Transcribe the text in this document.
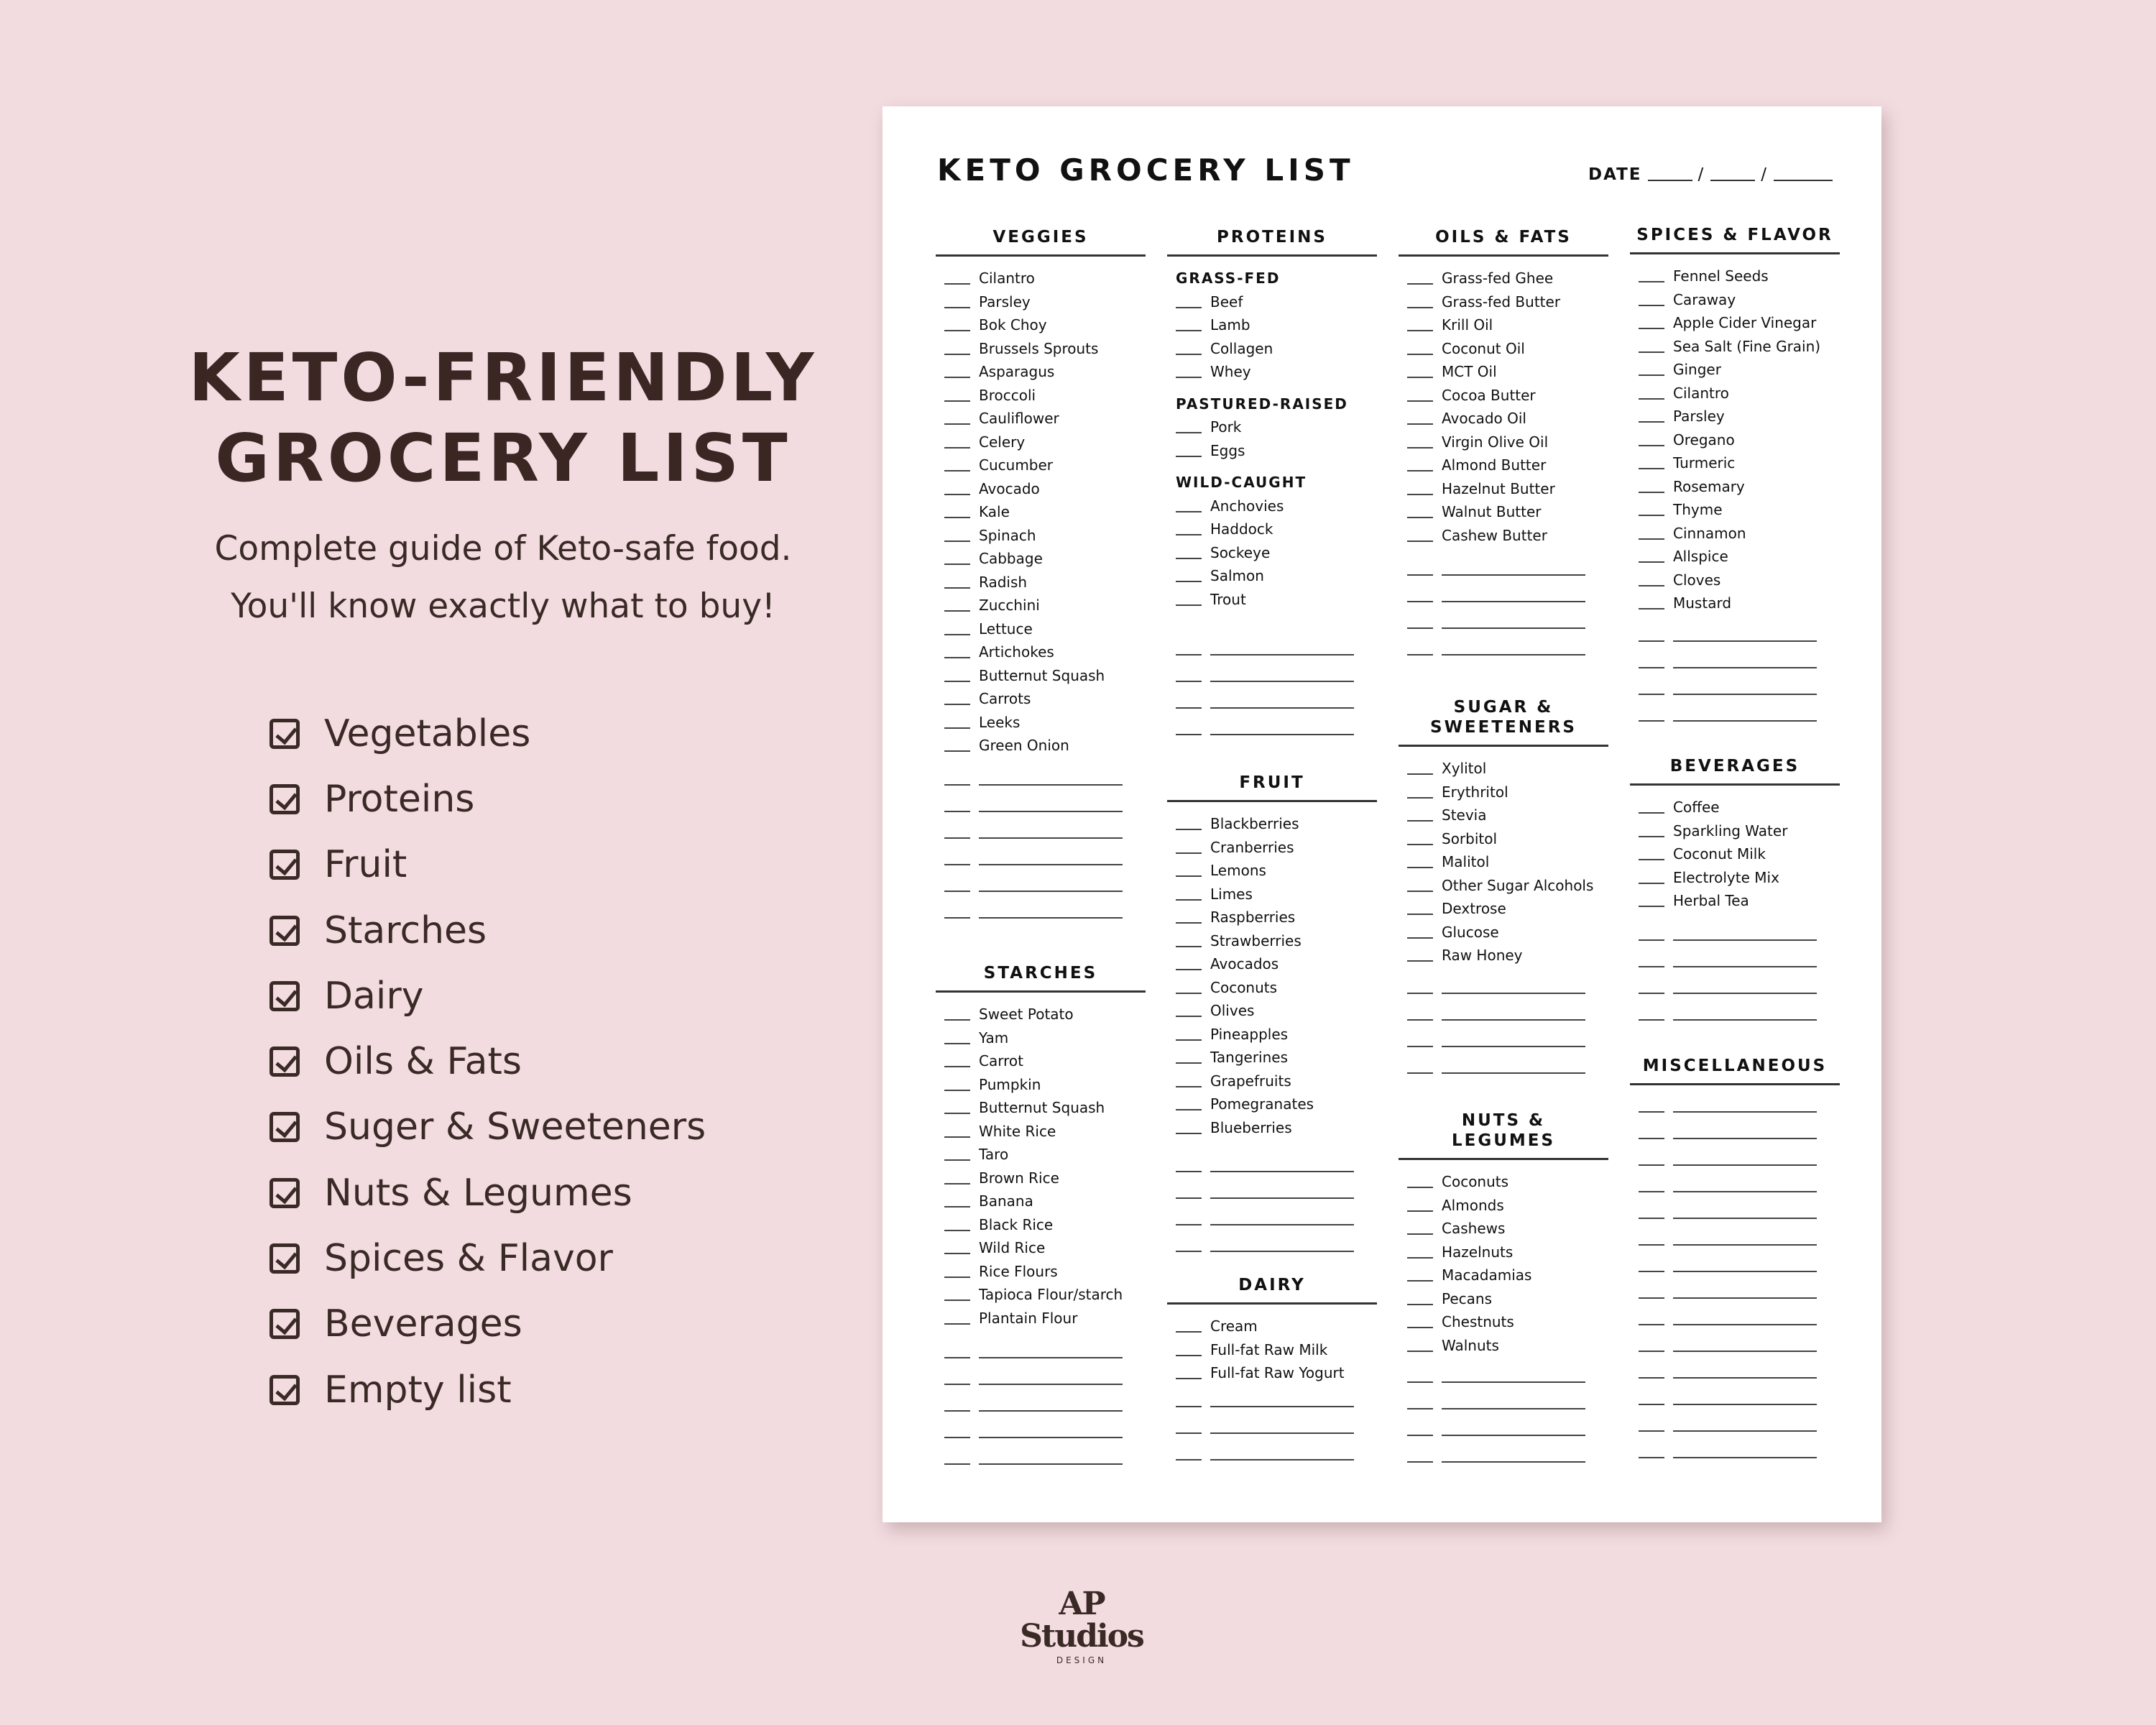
KETO-FRIENDLY
GROCERY LIST
Complete guide of Keto-safe food.
You'll know exactly what to buy!
Vegetables
Proteins
Fruit
Starches
Dairy
Oils & Fats
Suger & Sweeteners
Nuts & Legumes
Spices & Flavor
Beverages
Empty list
KETO GROCERY LIST	DATE	/	/
VEGGIES
Cilantro
Parsley
Bok Choy
Brussels Sprouts
Asparagus
Broccoli
Cauliflower
Celery
Cucumber
Avocado
Kale
Spinach
Cabbage
Radish
Zucchini
Lettuce
Artichokes
Butternut Squash
Carrots
Leeks
Green Onion
STARCHES
Sweet Potato
Yam
Carrot
Pumpkin
Butternut Squash
White Rice
Taro
Brown Rice
Banana
Black Rice
Wild Rice
Rice Flours
Tapioca Flour/starch
Plantain Flour
PROTEINS
GRASS-FED
Beef
Lamb
Collagen
Whey
PASTURED-RAISED
Pork
Eggs
WILD-CAUGHT
Anchovies
Haddock
Sockeye
Salmon
Trout
FRUIT
Blackberries
Cranberries
Lemons
Limes
Raspberries
Strawberries
Avocados
Coconuts
Olives
Pineapples
Tangerines
Grapefruits
Pomegranates
Blueberries
DAIRY
Cream
Full-fat Raw Milk
Full-fat Raw Yogurt
OILS & FATS
Grass-fed Ghee
Grass-fed Butter
Krill Oil
Coconut Oil
MCT Oil
Cocoa Butter
Avocado Oil
Virgin Olive Oil
Almond Butter
Hazelnut Butter
Walnut Butter
Cashew Butter
SUGAR &
SWEETENERS
Xylitol
Erythritol
Stevia
Sorbitol
Malitol
Other Sugar Alcohols
Dextrose
Glucose
Raw Honey
NUTS &
LEGUMES
Coconuts
Almonds
Cashews
Hazelnuts
Macadamias
Pecans
Chestnuts
Walnuts
SPICES & FLAVOR
Fennel Seeds
Caraway
Apple Cider Vinegar
Sea Salt (Fine Grain)
Ginger
Cilantro
Parsley
Oregano
Turmeric
Rosemary
Thyme
Cinnamon
Allspice
Cloves
Mustard
BEVERAGES
Coffee
Sparkling Water
Coconut Milk
Electrolyte Mix
Herbal Tea
MISCELLANEOUS
AP
Studios
DESIGN
